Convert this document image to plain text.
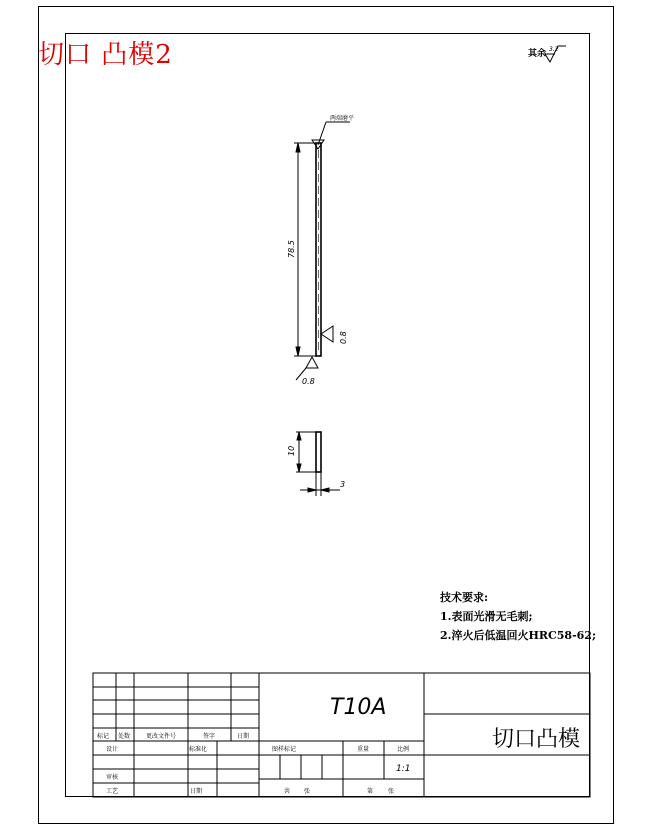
切口 凸模2	其余 3.2
78.5
两端磨平
0.8
0.8
10
3
技术要求:
1.表面光滑无毛刺;
2.淬火后低温回火HRC58-62;
T10A
切口凸模
1:1
标记 处数	更改文件号	签字	日期
设计	标准化
审核
工艺	日期
图样标记	重量	比例
共 张	第 张
